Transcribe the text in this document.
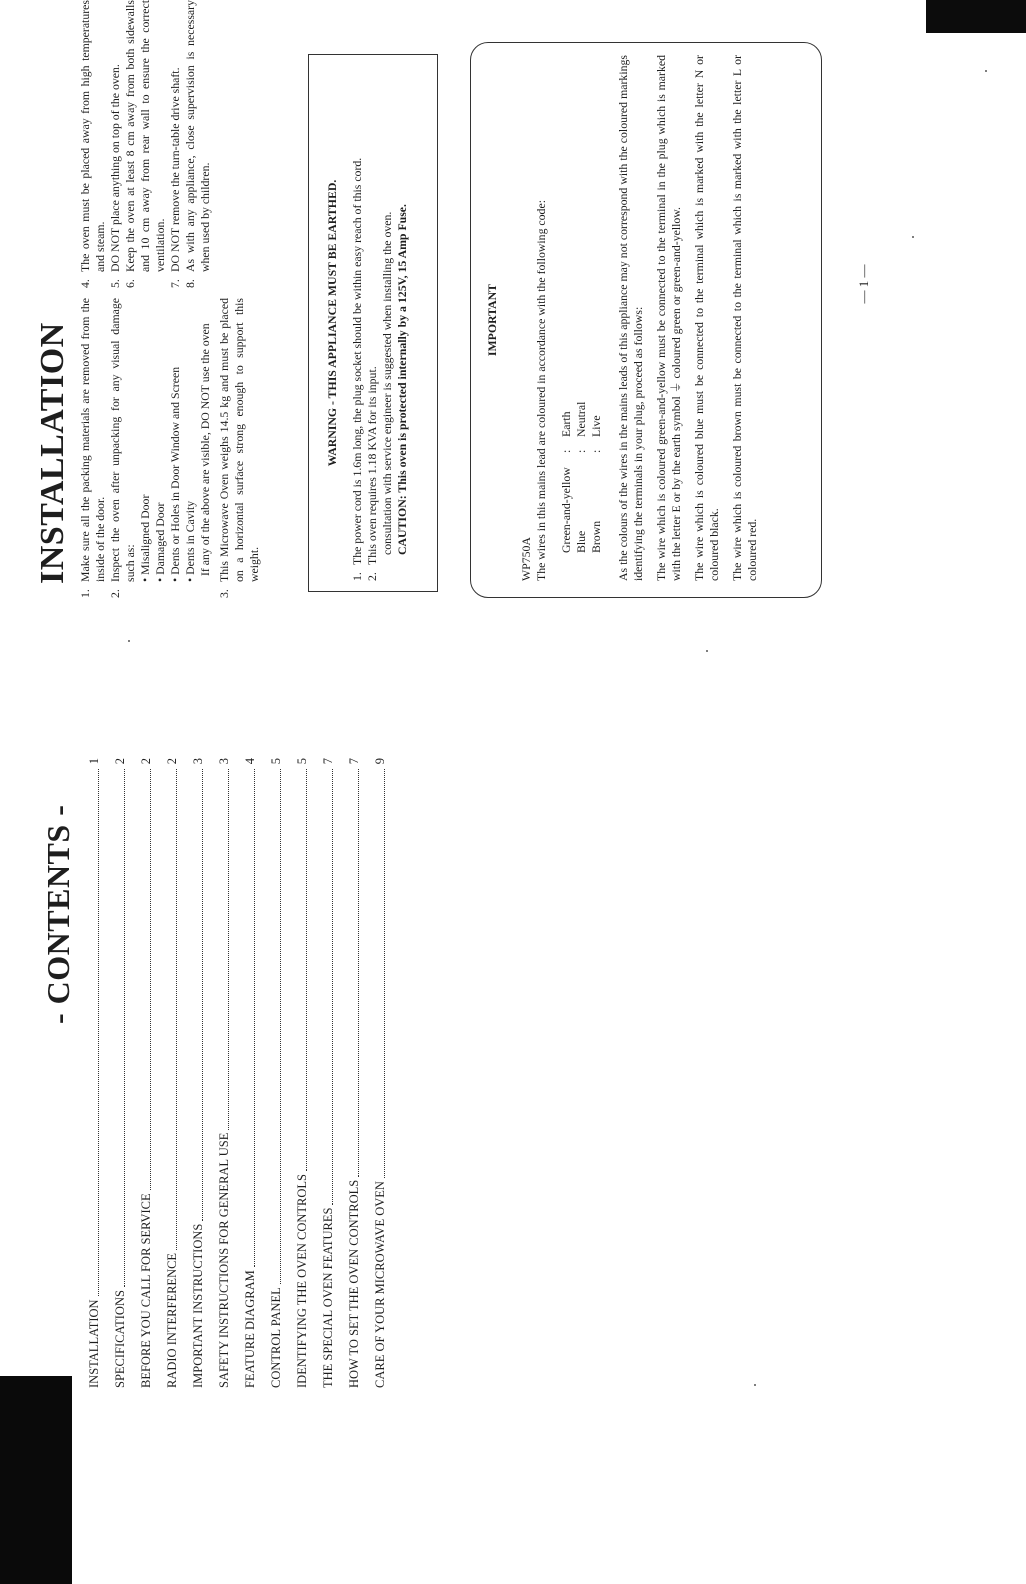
- CONTENTS -
INSTALLATION
1
SPECIFICATIONS
2
BEFORE YOU CALL FOR SERVICE
2
RADIO INTERFERENCE
2
IMPORTANT INSTRUCTIONS
3
SAFETY INSTRUCTIONS FOR GENERAL USE
3
FEATURE DIAGRAM
4
CONTROL PANEL
5
IDENTIFYING THE OVEN CONTROLS
5
THE SPECIAL OVEN FEATURES
7
HOW TO SET THE OVEN CONTROLS
7
CARE OF YOUR MICROWAVE OVEN
9
INSTALLATION
1.
Make sure all the packing materials are removed from the inside of the door.
2.
Inspect the oven after unpacking for any visual damage such as: • Misaligned Door
• Damaged Door
• Dents or Holes in Door Window and Screen
• Dents in Cavity If any of the above are visible, DO NOT use the oven
3.
This Microwave Oven weighs 14.5 kg and must be placed on a horizontal surface strong enough to support this weight.
4.
The oven must be placed away from high temperatures and steam.
5.
DO NOT place anything on top of the oven.
6.
Keep the oven at least 8 cm away from both sidewalls and 10 cm away from rear wall to ensure the correct ventilation.
7.
DO NOT remove the turn-table drive shaft.
8.
As with any appliance, close supervision is necessary when used by children.	WARNING - THIS APPLIANCE MUST BE EARTHED.
1.
The power cord is 1.6m long, the plug socket should be within easy reach of this cord.
2.
This oven requires 1.18 KVA for its input. consultation with service engineer is suggested when installing the oven. CAUTION: This oven is protected internally by a 125V, 15 Amp Fuse.	IMPORTANT
WP750A The wires in this mains lead are coloured in accordance with the following code: Green-and-yellow
:
Earth
Blue
:
Neutral
Brown
:
Live As the colours of the wires in the mains leads of this appliance may not correspond with the coloured markings identifying the terminals in your plug, proceed as follows: The wire which is coloured green-and-yellow must be connected to the terminal in the plug which is marked with the letter E or by the earth symbol ⏚ coloured green or green-and-yellow. The wire which is coloured blue must be connected to the terminal which is marked with the letter N or coloured black. The wire which is coloured brown must be connected to the terminal which is marked with the letter L or coloured red.

— 1 —
